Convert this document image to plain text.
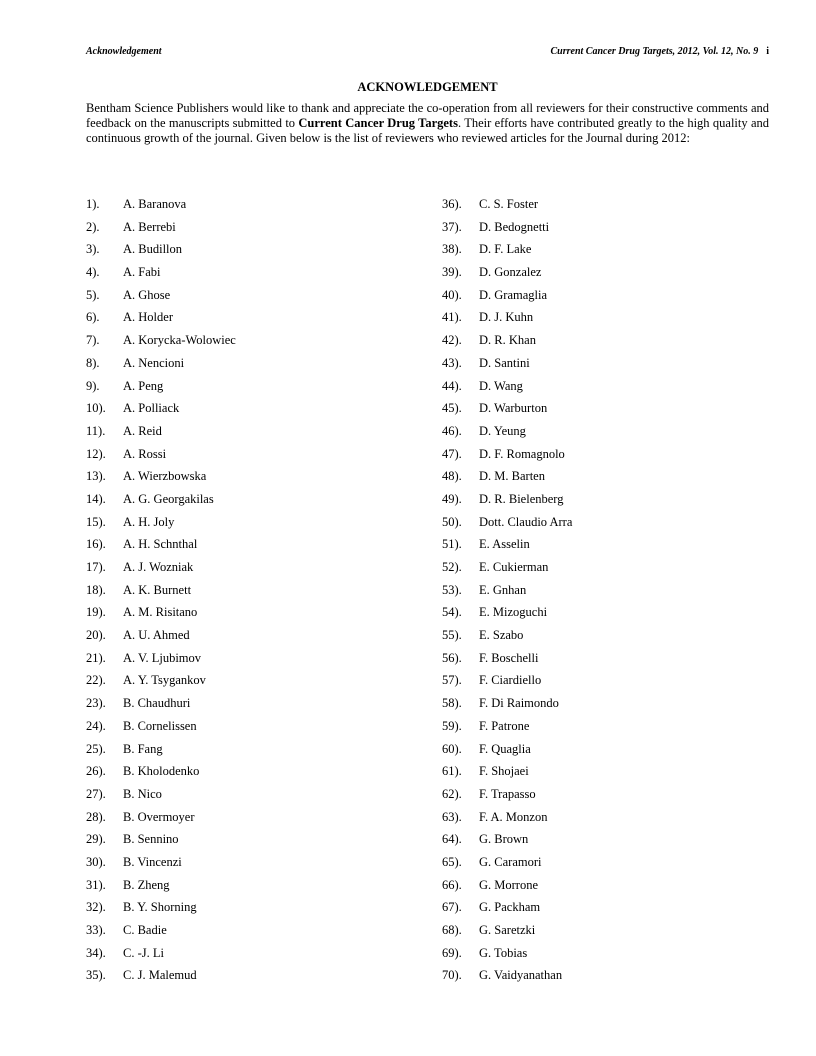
Acknowledgement	Current Cancer Drug Targets, 2012, Vol. 12, No. 9 i
ACKNOWLEDGEMENT

Bentham Science Publishers would like to thank and appreciate the co-operation from all reviewers for their constructive comments and feedback on the manuscripts submitted to Current Cancer Drug Targets. Their efforts have contributed greatly to the high quality and continuous growth of the journal. Given below is the list of reviewers who reviewed articles for the Journal during 2012:

1). A. Baranova
2). A. Berrebi
3). A. Budillon
4). A. Fabi
5). A. Ghose
6). A. Holder
7). A. Korycka-Wolowiec
8). A. Nencioni
9). A. Peng
10). A. Polliack
11). A. Reid
12). A. Rossi
13). A. Wierzbowska
14). A. G. Georgakilas
15). A. H. Joly
16). A. H. Schnthal
17). A. J. Wozniak
18). A. K. Burnett
19). A. M. Risitano
20). A. U. Ahmed
21). A. V. Ljubimov
22). A. Y. Tsygankov
23). B. Chaudhuri
24). B. Cornelissen
25). B. Fang
26). B. Kholodenko
27). B. Nico
28). B. Overmoyer
29). B. Sennino
30). B. Vincenzi
31). B. Zheng
32). B. Y. Shorning
33). C. Badie
34). C. -J. Li
35). C. J. Malemud
36). C. S. Foster
37). D. Bedognetti
38). D. F. Lake
39). D. Gonzalez
40). D. Gramaglia
41). D. J. Kuhn
42). D. R. Khan
43). D. Santini
44). D. Wang
45). D. Warburton
46). D. Yeung
47). D. F. Romagnolo
48). D. M. Barten
49). D. R. Bielenberg
50). Dott. Claudio Arra
51). E. Asselin
52). E. Cukierman
53). E. Gnhan
54). E. Mizoguchi
55). E. Szabo
56). F. Boschelli
57). F. Ciardiello
58). F. Di Raimondo
59). F. Patrone
60). F. Quaglia
61). F. Shojaei
62). F. Trapasso
63). F. A. Monzon
64). G. Brown
65). G. Caramori
66). G. Morrone
67). G. Packham
68). G. Saretzki
69). G. Tobias
70). G. Vaidyanathan
